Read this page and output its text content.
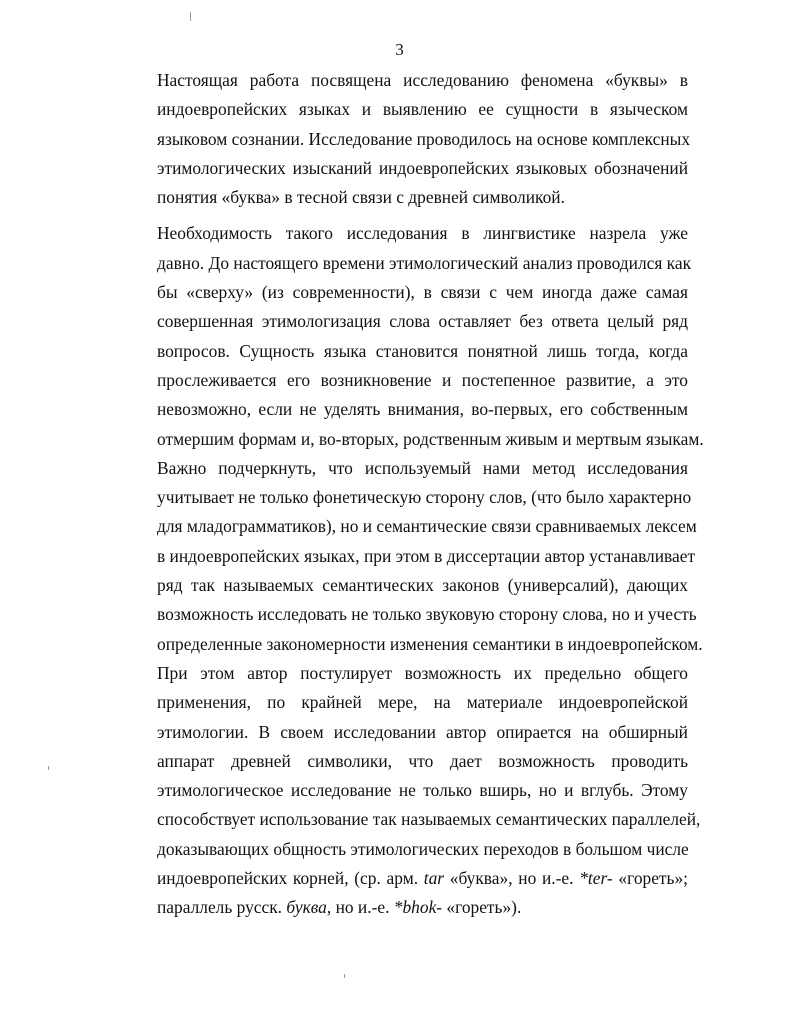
3
Настоящая работа посвящена исследованию феномена «буквы» в
индоевропейских языках и выявлению ее сущности в языческом
языковом сознании. Исследование проводилось на основе комплексных
этимологических изысканий индоевропейских языковых обозначений
понятия «буква» в тесной связи с древней символикой.
Необходимость такого исследования в лингвистике назрела уже
давно. До настоящего времени этимологический анализ проводился как
бы «сверху» (из современности), в связи с чем иногда даже самая
совершенная этимологизация слова оставляет без ответа целый ряд
вопросов. Сущность языка становится понятной лишь тогда, когда
прослеживается его возникновение и постепенное развитие, а это
невозможно, если не уделять внимания, во-первых, его собственным
отмершим формам и, во-вторых, родственным живым и мертвым языкам.
Важно подчеркнуть, что используемый нами метод исследования
учитывает не только фонетическую сторону слов, (что было характерно
для младограмматиков), но и семантические связи сравниваемых лексем
в индоевропейских языках, при этом в диссертации автор устанавливает
ряд так называемых семантических законов (универсалий), дающих
возможность исследовать не только звуковую сторону слова, но и учесть
определенные закономерности изменения семантики в индоевропейском.
При этом автор постулирует возможность их предельно общего
применения, по крайней мере, на материале индоевропейской
этимологии. В своем исследовании автор опирается на обширный
аппарат древней символики, что дает возможность проводить
этимологическое исследование не только вширь, но и вглубь. Этому
способствует использование так называемых семантических параллелей,
доказывающих общность этимологических переходов в большом числе
индоевропейских корней, (ср. арм. tar «буква», но и.-е. *ter- «гореть»;
параллель русск. буква, но и.-е. *bhok- «гореть»).
